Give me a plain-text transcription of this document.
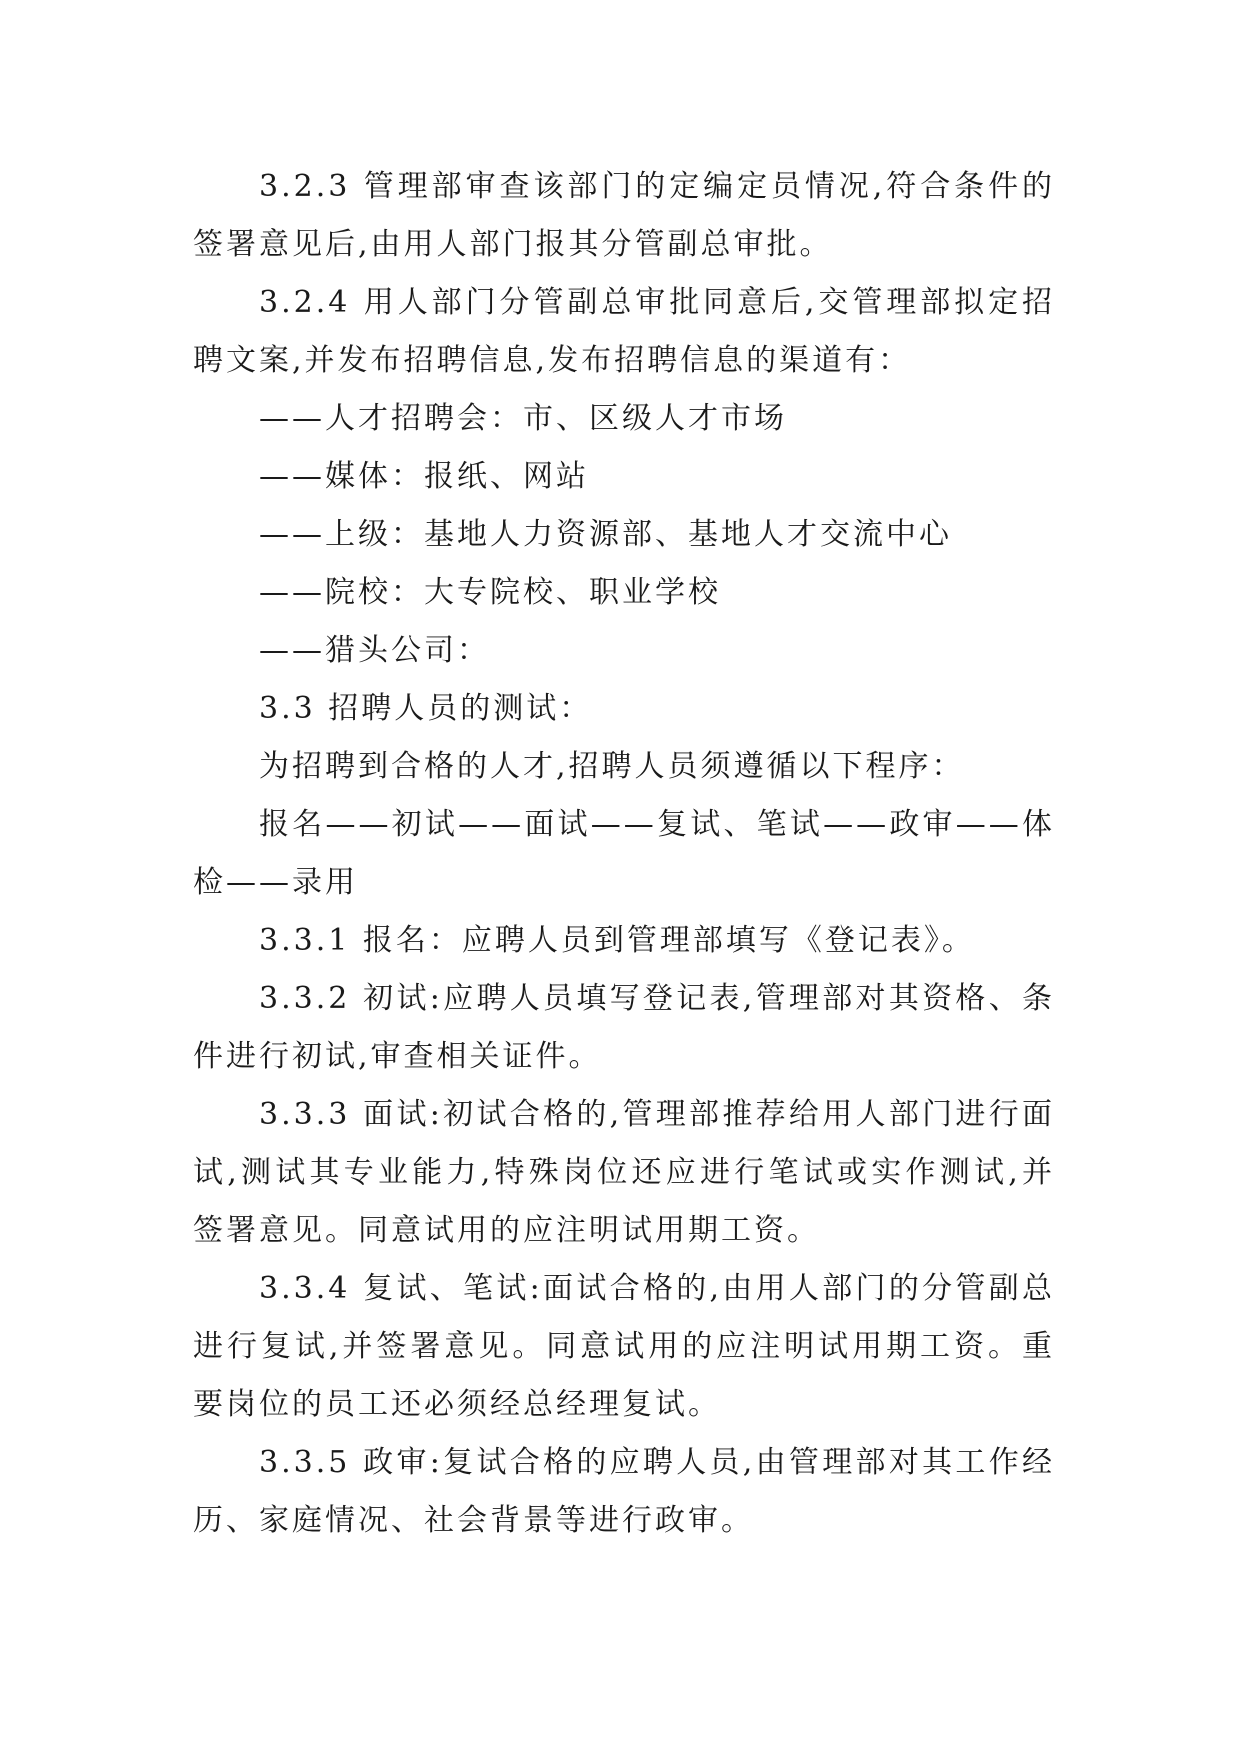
3.2.3 管理部审查该部门的定编定员情况,符合条件的签署意见后,由用人部门报其分管副总审批。

3.2.4 用人部门分管副总审批同意后,交管理部拟定招聘文案,并发布招聘信息,发布招聘信息的渠道有：

——人才招聘会：市、区级人才市场

——媒体：报纸、网站

——上级：基地人力资源部、基地人才交流中心

——院校：大专院校、职业学校

——猎头公司：

3.3 招聘人员的测试：

为招聘到合格的人才,招聘人员须遵循以下程序：

报名——初试——面试——复试、笔试——政审——体检——录用

3.3.1 报名：应聘人员到管理部填写《登记表》。

3.3.2 初试:应聘人员填写登记表,管理部对其资格、条件进行初试,审查相关证件。

3.3.3 面试:初试合格的,管理部推荐给用人部门进行面试,测试其专业能力,特殊岗位还应进行笔试或实作测试,并签署意见。同意试用的应注明试用期工资。

3.3.4 复试、笔试:面试合格的,由用人部门的分管副总进行复试,并签署意见。同意试用的应注明试用期工资。重要岗位的员工还必须经总经理复试。

3.3.5 政审:复试合格的应聘人员,由管理部对其工作经历、家庭情况、社会背景等进行政审。
